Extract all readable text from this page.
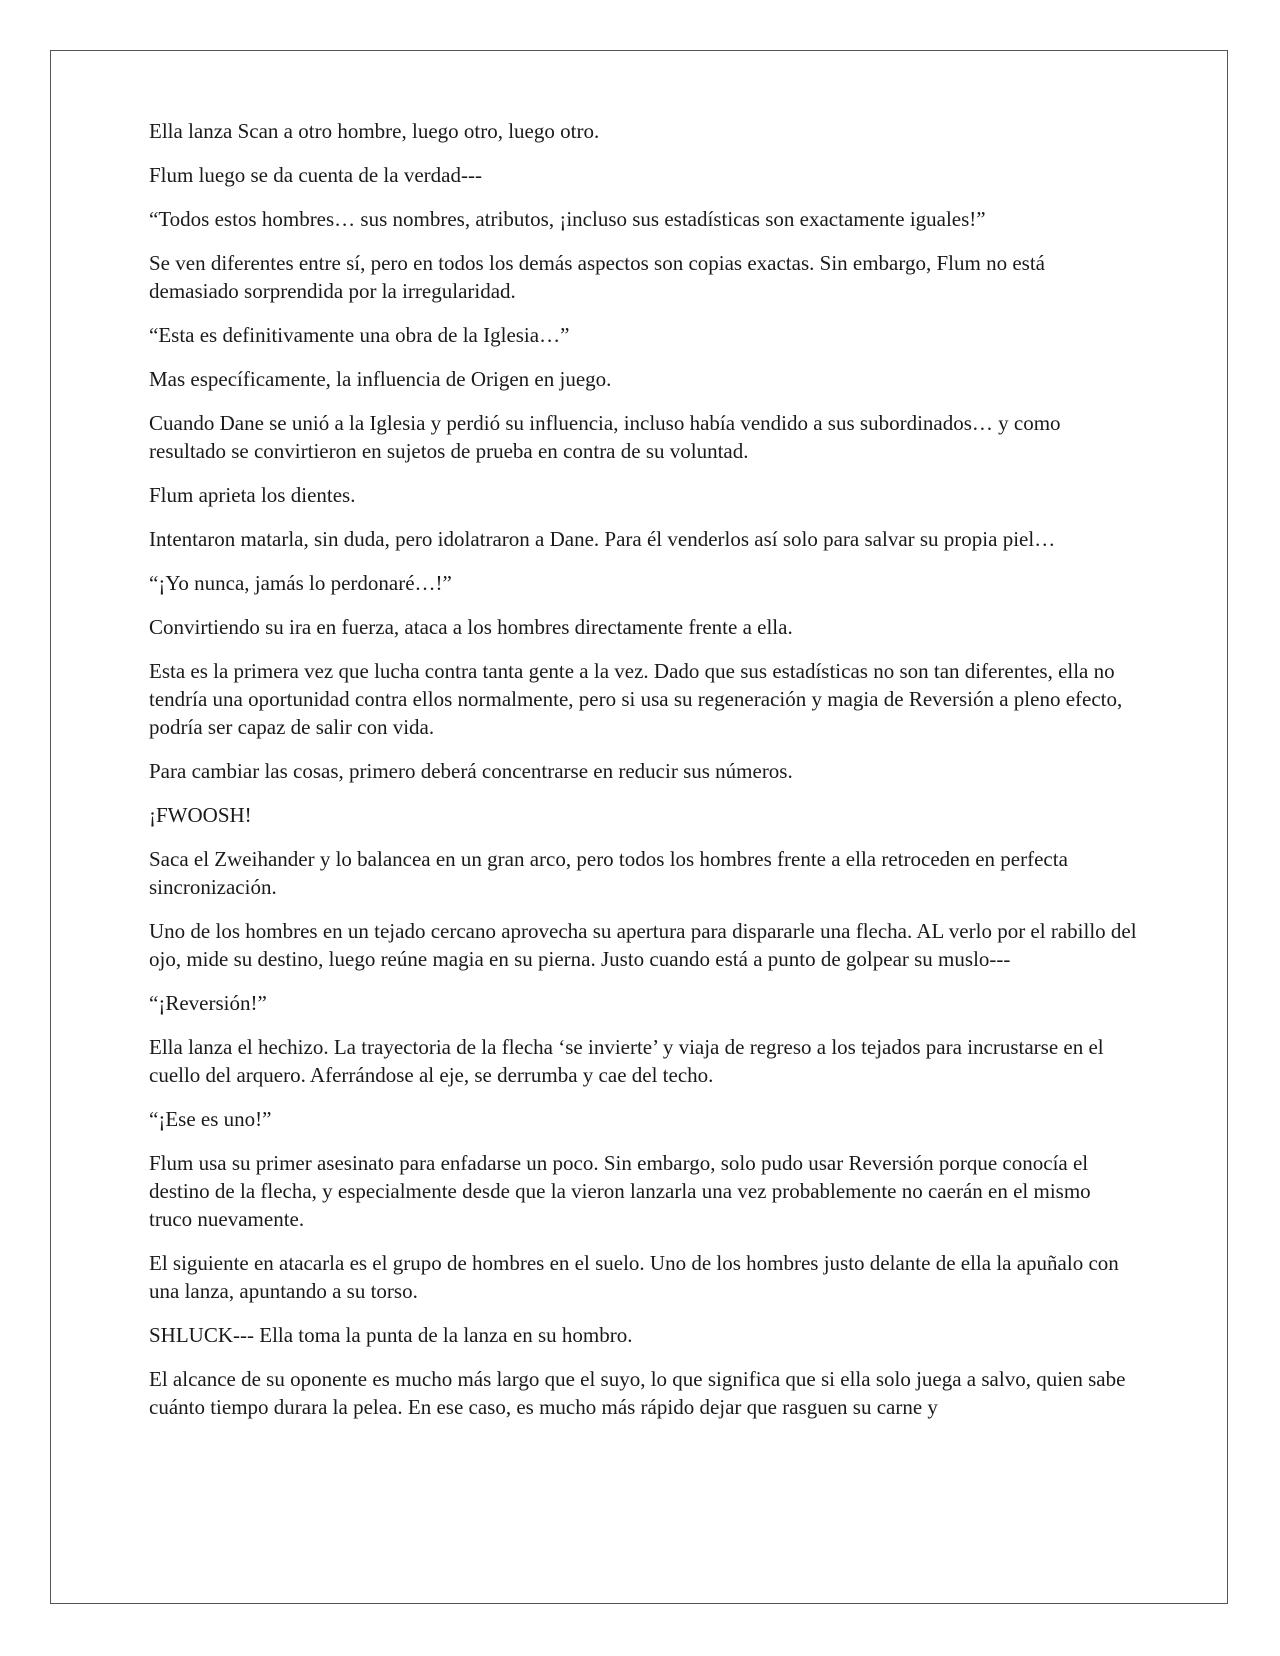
Ella lanza Scan a otro hombre, luego otro, luego otro.

Flum luego se da cuenta de la verdad---

“Todos estos hombres… sus nombres, atributos, ¡incluso sus estadísticas son exactamente iguales!”

Se ven diferentes entre sí, pero en todos los demás aspectos son copias exactas. Sin embargo, Flum no está demasiado sorprendida por la irregularidad.

“Esta es definitivamente una obra de la Iglesia…”

Mas específicamente, la influencia de Origen en juego.

Cuando Dane se unió a la Iglesia y perdió su influencia, incluso había vendido a sus subordinados… y como resultado se convirtieron en sujetos de prueba en contra de su voluntad.

Flum aprieta los dientes.

Intentaron matarla, sin duda, pero idolatraron a Dane. Para él venderlos así solo para salvar su propia piel…

“¡Yo nunca, jamás lo perdonaré…!”

Convirtiendo su ira en fuerza, ataca a los hombres directamente frente a ella.

Esta es la primera vez que lucha contra tanta gente a la vez. Dado que sus estadísticas no son tan diferentes, ella no tendría una oportunidad contra ellos normalmente, pero si usa su regeneración y magia de Reversión a pleno efecto, podría ser capaz de salir con vida.

Para cambiar las cosas, primero deberá concentrarse en reducir sus números.

¡FWOOSH!

Saca el Zweihander y lo balancea en un gran arco, pero todos los hombres frente a ella retroceden en perfecta sincronización.

Uno de los hombres en un tejado cercano aprovecha su apertura para dispararle una flecha. AL verlo por el rabillo del ojo, mide su destino, luego reúne magia en su pierna. Justo cuando está a punto de golpear su muslo---

“¡Reversión!”

Ella lanza el hechizo. La trayectoria de la flecha ‘se invierte’ y viaja de regreso a los tejados para incrustarse en el cuello del arquero. Aferrándose al eje, se derrumba y cae del techo.

“¡Ese es uno!”

Flum usa su primer asesinato para enfadarse un poco. Sin embargo, solo pudo usar Reversión porque conocía el destino de la flecha, y especialmente desde que la vieron lanzarla una vez probablemente no caerán en el mismo truco nuevamente.

El siguiente en atacarla es el grupo de hombres en el suelo. Uno de los hombres justo delante de ella la apuñalo con una lanza, apuntando a su torso.

SHLUCK--- Ella toma la punta de la lanza en su hombro.

El alcance de su oponente es mucho más largo que el suyo, lo que significa que si ella solo juega a salvo, quien sabe cuánto tiempo durara la pelea. En ese caso, es mucho más rápido dejar que rasguen su carne y
